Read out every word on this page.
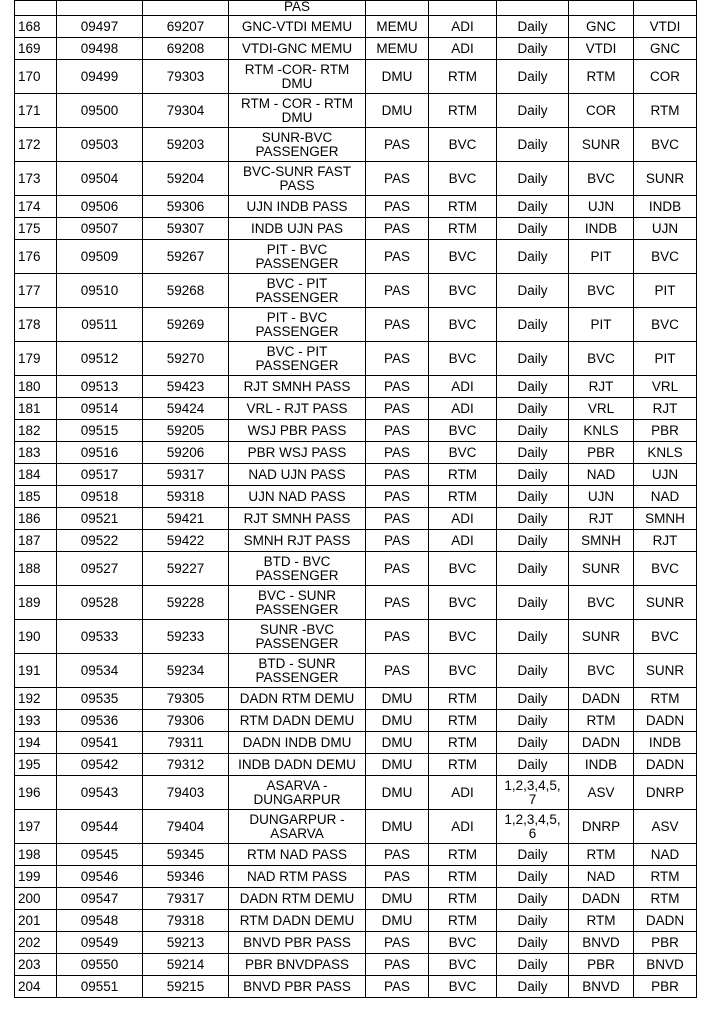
			PAS					
168	09497	69207	GNC-VTDI MEMU	MEMU	ADI	Daily	GNC	VTDI
169	09498	69208	VTDI-GNC MEMU	MEMU	ADI	Daily	VTDI	GNC
170	09499	79303	RTM -COR- RTM DMU	DMU	RTM	Daily	RTM	COR
171	09500	79304	RTM - COR - RTM DMU	DMU	RTM	Daily	COR	RTM
172	09503	59203	SUNR-BVC PASSENGER	PAS	BVC	Daily	SUNR	BVC
173	09504	59204	BVC-SUNR FAST PASS	PAS	BVC	Daily	BVC	SUNR
174	09506	59306	UJN INDB PASS	PAS	RTM	Daily	UJN	INDB
175	09507	59307	INDB UJN PAS	PAS	RTM	Daily	INDB	UJN
176	09509	59267	PIT - BVC PASSENGER	PAS	BVC	Daily	PIT	BVC
177	09510	59268	BVC - PIT PASSENGER	PAS	BVC	Daily	BVC	PIT
178	09511	59269	PIT - BVC PASSENGER	PAS	BVC	Daily	PIT	BVC
179	09512	59270	BVC - PIT PASSENGER	PAS	BVC	Daily	BVC	PIT
180	09513	59423	RJT SMNH PASS	PAS	ADI	Daily	RJT	VRL
181	09514	59424	VRL - RJT PASS	PAS	ADI	Daily	VRL	RJT
182	09515	59205	WSJ PBR PASS	PAS	BVC	Daily	KNLS	PBR
183	09516	59206	PBR WSJ PASS	PAS	BVC	Daily	PBR	KNLS
184	09517	59317	NAD UJN PASS	PAS	RTM	Daily	NAD	UJN
185	09518	59318	UJN NAD PASS	PAS	RTM	Daily	UJN	NAD
186	09521	59421	RJT SMNH PASS	PAS	ADI	Daily	RJT	SMNH
187	09522	59422	SMNH RJT PASS	PAS	ADI	Daily	SMNH	RJT
188	09527	59227	BTD - BVC PASSENGER	PAS	BVC	Daily	SUNR	BVC
189	09528	59228	BVC - SUNR PASSENGER	PAS	BVC	Daily	BVC	SUNR
190	09533	59233	SUNR -BVC PASSENGER	PAS	BVC	Daily	SUNR	BVC
191	09534	59234	BTD - SUNR PASSENGER	PAS	BVC	Daily	BVC	SUNR
192	09535	79305	DADN RTM DEMU	DMU	RTM	Daily	DADN	RTM
193	09536	79306	RTM DADN DEMU	DMU	RTM	Daily	RTM	DADN
194	09541	79311	DADN INDB DMU	DMU	RTM	Daily	DADN	INDB
195	09542	79312	INDB DADN DEMU	DMU	RTM	Daily	INDB	DADN
196	09543	79403	ASARVA - DUNGARPUR	DMU	ADI	1,2,3,4,5, 7	ASV	DNRP
197	09544	79404	DUNGARPUR - ASARVA	DMU	ADI	1,2,3,4,5, 6	DNRP	ASV
198	09545	59345	RTM NAD PASS	PAS	RTM	Daily	RTM	NAD
199	09546	59346	NAD RTM PASS	PAS	RTM	Daily	NAD	RTM
200	09547	79317	DADN RTM DEMU	DMU	RTM	Daily	DADN	RTM
201	09548	79318	RTM DADN DEMU	DMU	RTM	Daily	RTM	DADN
202	09549	59213	BNVD PBR PASS	PAS	BVC	Daily	BNVD	PBR
203	09550	59214	PBR BNVDPASS	PAS	BVC	Daily	PBR	BNVD
204	09551	59215	BNVD PBR PASS	PAS	BVC	Daily	BNVD	PBR
